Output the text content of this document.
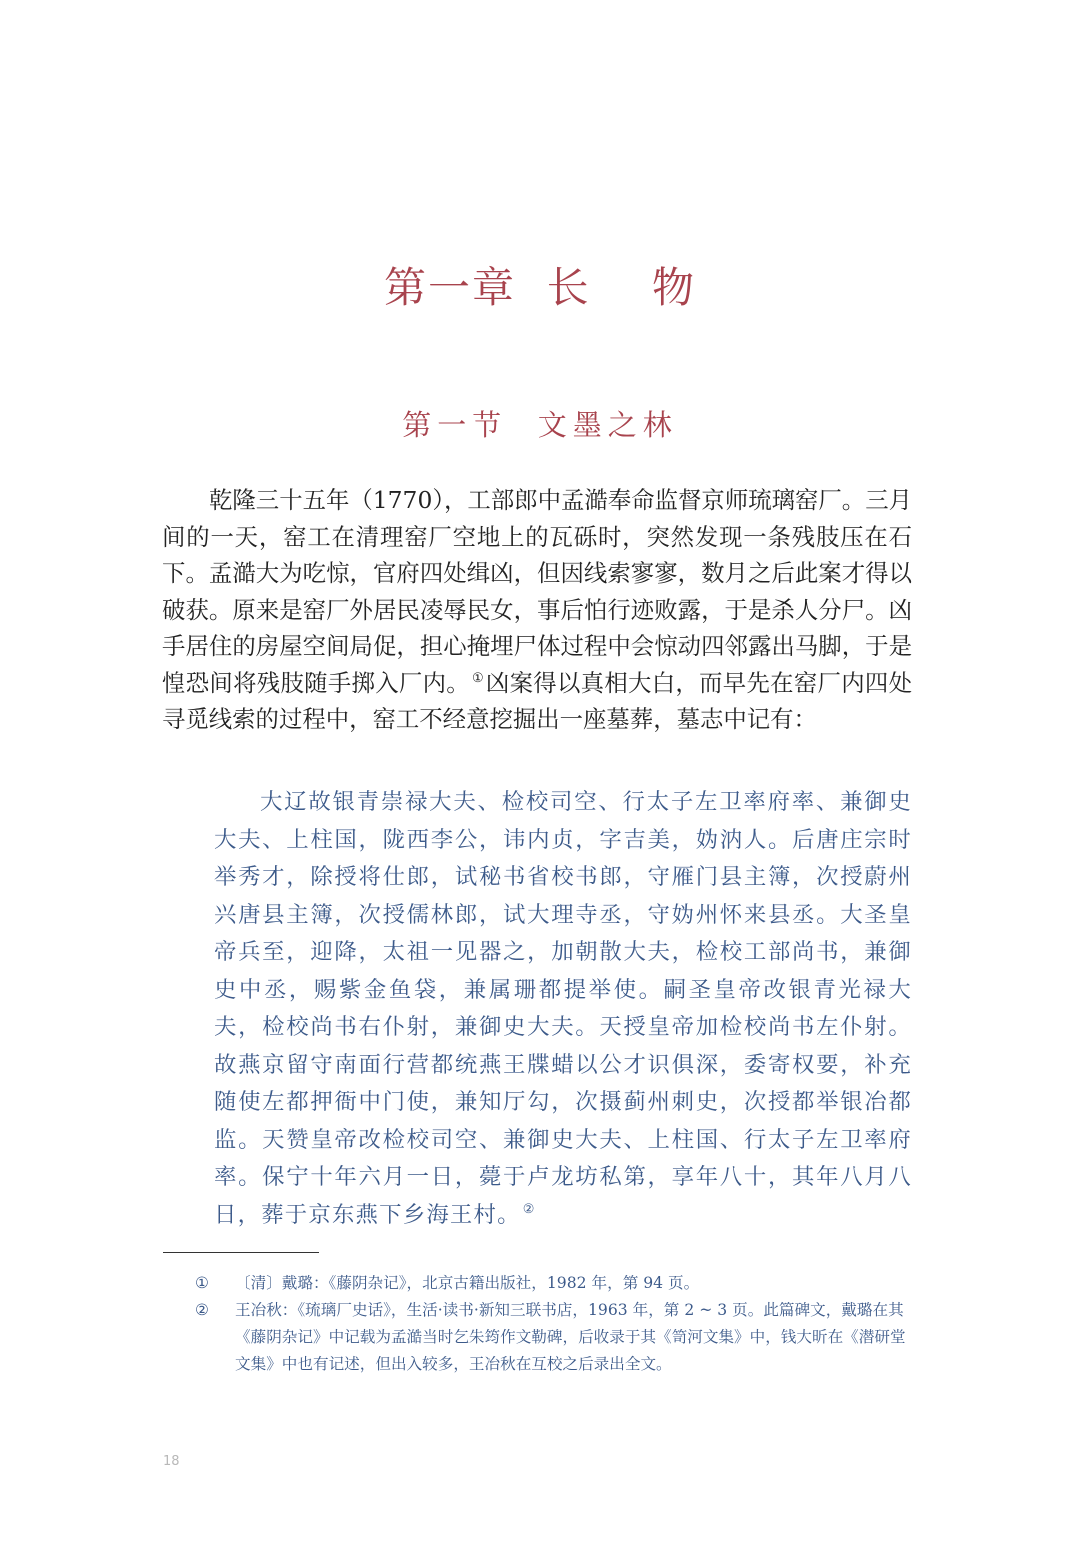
第一章  长    物
第一节  文墨之林

乾隆三十五年（1770），工部郎中孟澔奉命监督京师琉璃窑厂。三月间的一天，窑工在清理窑厂空地上的瓦砾时，突然发现一条残肢压在石下。孟澔大为吃惊，官府四处缉凶，但因线索寥寥，数月之后此案才得以破获。原来是窑厂外居民凌辱民女，事后怕行迹败露，于是杀人分尸。凶手居住的房屋空间局促，担心掩埋尸体过程中会惊动四邻露出马脚，于是惶恐间将残肢随手掷入厂内。 ①凶案得以真相大白，而早先在窑厂内四处寻觅线索的过程中，窑工不经意挖掘出一座墓葬，墓志中记有：

大辽故银青崇禄大夫、检校司空、行太子左卫率府率、兼御史大夫、上柱国，陇西李公，讳内贞，字吉美，妫汭人。后唐庄宗时举秀才，除授将仕郎，试秘书省校书郎，守雁门县主簿，次授蔚州兴唐县主簿，次授儒林郎，试大理寺丞，守妫州怀来县丞。大圣皇帝兵至，迎降，太祖一见器之，加朝散大夫，检校工部尚书，兼御史中丞，赐紫金鱼袋，兼属珊都提举使。嗣圣皇帝改银青光禄大夫，检校尚书右仆射，兼御史大夫。天授皇帝加检校尚书左仆射。故燕京留守南面行营都统燕王牒蜡以公才识俱深，委寄权要，补充随使左都押衙中门使，兼知厅勾，次摄蓟州刺史，次授都举银冶都监。天赞皇帝改检校司空、兼御史大夫、上柱国、行太子左卫率府率。保宁十年六月一日，薨于卢龙坊私第，享年八十，其年八月八日，葬于京东燕下乡海王村。 ②

① 〔清〕戴璐：《藤阴杂记》，北京古籍出版社，1982 年，第 94 页。

② 王冶秋：《琉璃厂史话》，生活·读书·新知三联书店，1963 年，第 2 ~ 3 页。此篇碑文，戴璐在其《藤阴杂记》中记载为孟澔当时乞朱筠作文勒碑，后收录于其《笥河文集》中，钱大昕在《潜研堂文集》中也有记述，但出入较多，王冶秋在互校之后录出全文。

18
